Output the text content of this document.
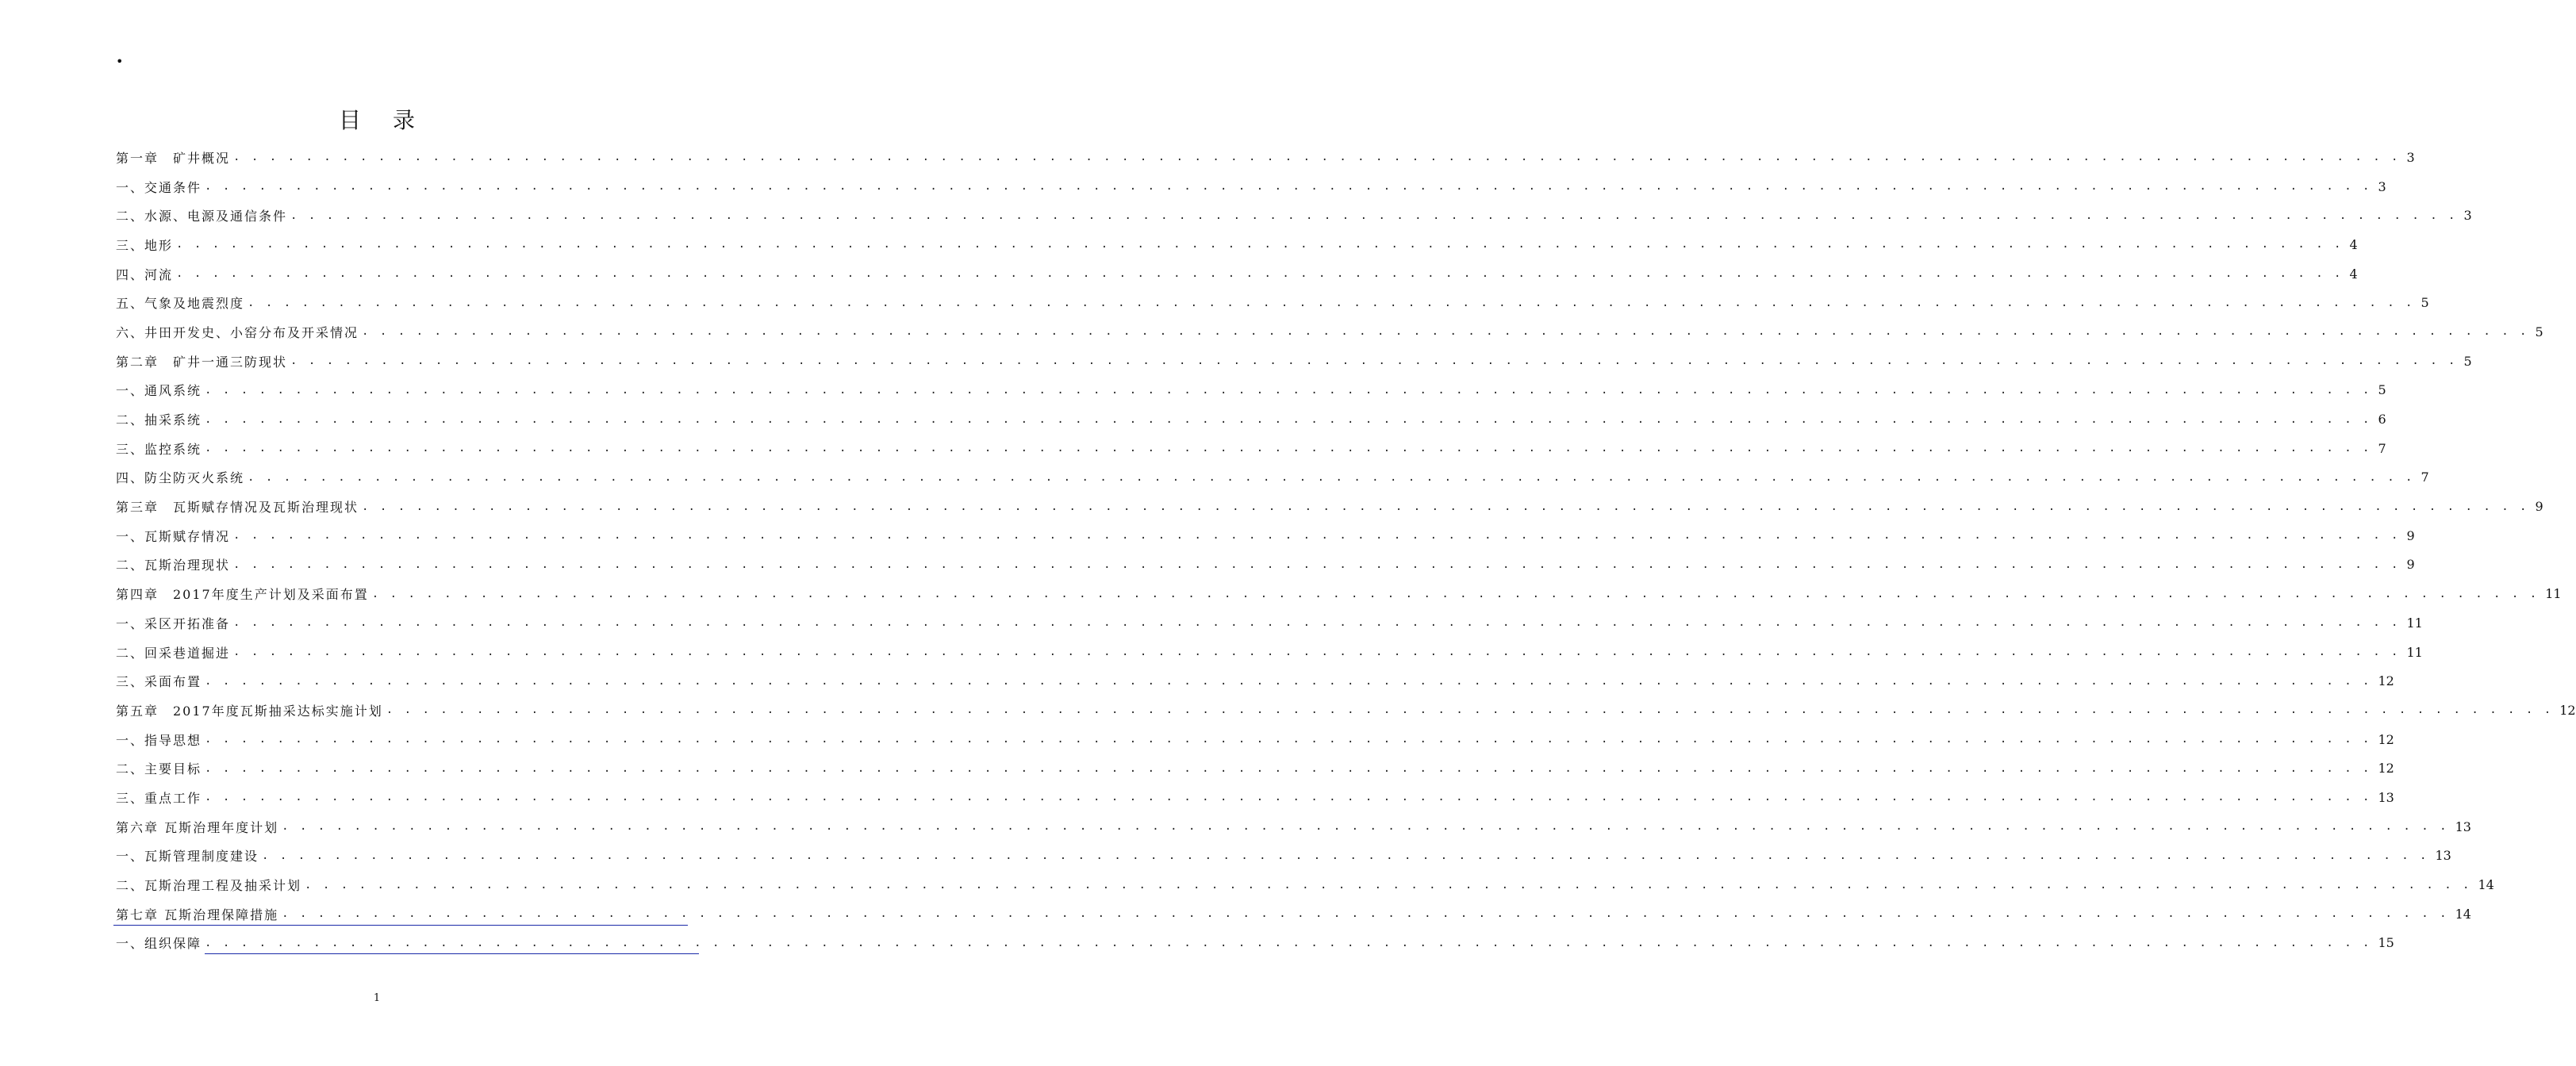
•
目录
第一章　矿井概况 . . . . . . . . . . . . . . . . . . . . . . . . . . . . . . . . . . . . . . . . . . . . . . . . . . . . . . . . . . . . . . . . . . . . . . . . . . . . . . . . . . . . . . . . . . . . . . . . . . . . . . . . . . . . . . . . . . . . . . . . 3
一、交通条件 . . . . . . . . . . . . . . . . . . . . . . . . . . . . . . . . . . . . . . . . . . . . . . . . . . . . . . . . . . . . . . . . . . . . . . . . . . . . . . . . . . . . . . . . . . . . . . . . . . . . . . . . . . . . . . . . . . . . . . . . 3
二、水源、电源及通信条件 . . . . . . . . . . . . . . . . . . . . . . . . . . . . . . . . . . . . . . . . . . . . . . . . . . . . . . . . . . . . . . . . . . . . . . . . . . . . . . . . . . . . . . . . . . . . . . . . . . . . . . . . . . . . . . . . . . . . . . . . 3
三、地形 . . . . . . . . . . . . . . . . . . . . . . . . . . . . . . . . . . . . . . . . . . . . . . . . . . . . . . . . . . . . . . . . . . . . . . . . . . . . . . . . . . . . . . . . . . . . . . . . . . . . . . . . . . . . . . . . . . . . . . . . 4
四、河流 . . . . . . . . . . . . . . . . . . . . . . . . . . . . . . . . . . . . . . . . . . . . . . . . . . . . . . . . . . . . . . . . . . . . . . . . . . . . . . . . . . . . . . . . . . . . . . . . . . . . . . . . . . . . . . . . . . . . . . . . 4
五、气象及地震烈度 . . . . . . . . . . . . . . . . . . . . . . . . . . . . . . . . . . . . . . . . . . . . . . . . . . . . . . . . . . . . . . . . . . . . . . . . . . . . . . . . . . . . . . . . . . . . . . . . . . . . . . . . . . . . . . . . . . . . . . . . 5
六、井田开发史、小窑分布及开采情况 . . . . . . . . . . . . . . . . . . . . . . . . . . . . . . . . . . . . . . . . . . . . . . . . . . . . . . . . . . . . . . . . . . . . . . . . . . . . . . . . . . . . . . . . . . . . . . . . . . . . . . . . . . . . . . . . . . . . . . . . 5
第二章　矿井一通三防现状 . . . . . . . . . . . . . . . . . . . . . . . . . . . . . . . . . . . . . . . . . . . . . . . . . . . . . . . . . . . . . . . . . . . . . . . . . . . . . . . . . . . . . . . . . . . . . . . . . . . . . . . . . . . . . . . . . . . . . . . . 5
一、通风系统 . . . . . . . . . . . . . . . . . . . . . . . . . . . . . . . . . . . . . . . . . . . . . . . . . . . . . . . . . . . . . . . . . . . . . . . . . . . . . . . . . . . . . . . . . . . . . . . . . . . . . . . . . . . . . . . . . . . . . . . . 5
二、抽采系统 . . . . . . . . . . . . . . . . . . . . . . . . . . . . . . . . . . . . . . . . . . . . . . . . . . . . . . . . . . . . . . . . . . . . . . . . . . . . . . . . . . . . . . . . . . . . . . . . . . . . . . . . . . . . . . . . . . . . . . . . 6
三、监控系统 . . . . . . . . . . . . . . . . . . . . . . . . . . . . . . . . . . . . . . . . . . . . . . . . . . . . . . . . . . . . . . . . . . . . . . . . . . . . . . . . . . . . . . . . . . . . . . . . . . . . . . . . . . . . . . . . . . . . . . . . 7
四、防尘防灭火系统 . . . . . . . . . . . . . . . . . . . . . . . . . . . . . . . . . . . . . . . . . . . . . . . . . . . . . . . . . . . . . . . . . . . . . . . . . . . . . . . . . . . . . . . . . . . . . . . . . . . . . . . . . . . . . . . . . . . . . . . . 7
第三章　瓦斯赋存情况及瓦斯治理现状 . . . . . . . . . . . . . . . . . . . . . . . . . . . . . . . . . . . . . . . . . . . . . . . . . . . . . . . . . . . . . . . . . . . . . . . . . . . . . . . . . . . . . . . . . . . . . . . . . . . . . . . . . . . . . . . . . . . . . . . . 9
一、瓦斯赋存情况 . . . . . . . . . . . . . . . . . . . . . . . . . . . . . . . . . . . . . . . . . . . . . . . . . . . . . . . . . . . . . . . . . . . . . . . . . . . . . . . . . . . . . . . . . . . . . . . . . . . . . . . . . . . . . . . . . . . . . . . . 9
二、瓦斯治理现状 . . . . . . . . . . . . . . . . . . . . . . . . . . . . . . . . . . . . . . . . . . . . . . . . . . . . . . . . . . . . . . . . . . . . . . . . . . . . . . . . . . . . . . . . . . . . . . . . . . . . . . . . . . . . . . . . . . . . . . . . 9
第四章　2017年度生产计划及采面布置 . . . . . . . . . . . . . . . . . . . . . . . . . . . . . . . . . . . . . . . . . . . . . . . . . . . . . . . . . . . . . . . . . . . . . . . . . . . . . . . . . . . . . . . . . . . . . . . . . . . . . . . . . . . . . . . . . . . . . . . . 11
一、采区开拓准备 . . . . . . . . . . . . . . . . . . . . . . . . . . . . . . . . . . . . . . . . . . . . . . . . . . . . . . . . . . . . . . . . . . . . . . . . . . . . . . . . . . . . . . . . . . . . . . . . . . . . . . . . . . . . . . . . . . . . . . . . 11
二、回采巷道掘进 . . . . . . . . . . . . . . . . . . . . . . . . . . . . . . . . . . . . . . . . . . . . . . . . . . . . . . . . . . . . . . . . . . . . . . . . . . . . . . . . . . . . . . . . . . . . . . . . . . . . . . . . . . . . . . . . . . . . . . . . 11
三、采面布置 . . . . . . . . . . . . . . . . . . . . . . . . . . . . . . . . . . . . . . . . . . . . . . . . . . . . . . . . . . . . . . . . . . . . . . . . . . . . . . . . . . . . . . . . . . . . . . . . . . . . . . . . . . . . . . . . . . . . . . . . 12
第五章　2017年度瓦斯抽采达标实施计划 . . . . . . . . . . . . . . . . . . . . . . . . . . . . . . . . . . . . . . . . . . . . . . . . . . . . . . . . . . . . . . . . . . . . . . . . . . . . . . . . . . . . . . . . . . . . . . . . . . . . . . . . . . . . . . . . . . . . . . . . 12
一、指导思想 . . . . . . . . . . . . . . . . . . . . . . . . . . . . . . . . . . . . . . . . . . . . . . . . . . . . . . . . . . . . . . . . . . . . . . . . . . . . . . . . . . . . . . . . . . . . . . . . . . . . . . . . . . . . . . . . . . . . . . . . 12
二、主要目标 . . . . . . . . . . . . . . . . . . . . . . . . . . . . . . . . . . . . . . . . . . . . . . . . . . . . . . . . . . . . . . . . . . . . . . . . . . . . . . . . . . . . . . . . . . . . . . . . . . . . . . . . . . . . . . . . . . . . . . . . 12
三、重点工作 . . . . . . . . . . . . . . . . . . . . . . . . . . . . . . . . . . . . . . . . . . . . . . . . . . . . . . . . . . . . . . . . . . . . . . . . . . . . . . . . . . . . . . . . . . . . . . . . . . . . . . . . . . . . . . . . . . . . . . . . 13
第六章 瓦斯治理年度计划 . . . . . . . . . . . . . . . . . . . . . . . . . . . . . . . . . . . . . . . . . . . . . . . . . . . . . . . . . . . . . . . . . . . . . . . . . . . . . . . . . . . . . . . . . . . . . . . . . . . . . . . . . . . . . . . . . . . . . . . . 13
一、瓦斯管理制度建设 . . . . . . . . . . . . . . . . . . . . . . . . . . . . . . . . . . . . . . . . . . . . . . . . . . . . . . . . . . . . . . . . . . . . . . . . . . . . . . . . . . . . . . . . . . . . . . . . . . . . . . . . . . . . . . . . . . . . . . . . 13
二、瓦斯治理工程及抽采计划 . . . . . . . . . . . . . . . . . . . . . . . . . . . . . . . . . . . . . . . . . . . . . . . . . . . . . . . . . . . . . . . . . . . . . . . . . . . . . . . . . . . . . . . . . . . . . . . . . . . . . . . . . . . . . . . . . . . . . . . . 14
第七章 瓦斯治理保障措施 . . . . . . . . . . . . . . . . . . . . . . . . . . . . . . . . . . . . . . . . . . . . . . . . . . . . . . . . . . . . . . . . . . . . . . . . . . . . . . . . . . . . . . . . . . . . . . . . . . . . . . . . . . . . . . . . . . . . . . . . 14
一、组织保障 . . . . . . . . . . . . . . . . . . . . . . . . . . . . . . . . . . . . . . . . . . . . . . . . . . . . . . . . . . . . . . . . . . . . . . . . . . . . . . . . . . . . . . . . . . . . . . . . . . . . . . . . . . . . . . . . . . . . . . . . 15
1
